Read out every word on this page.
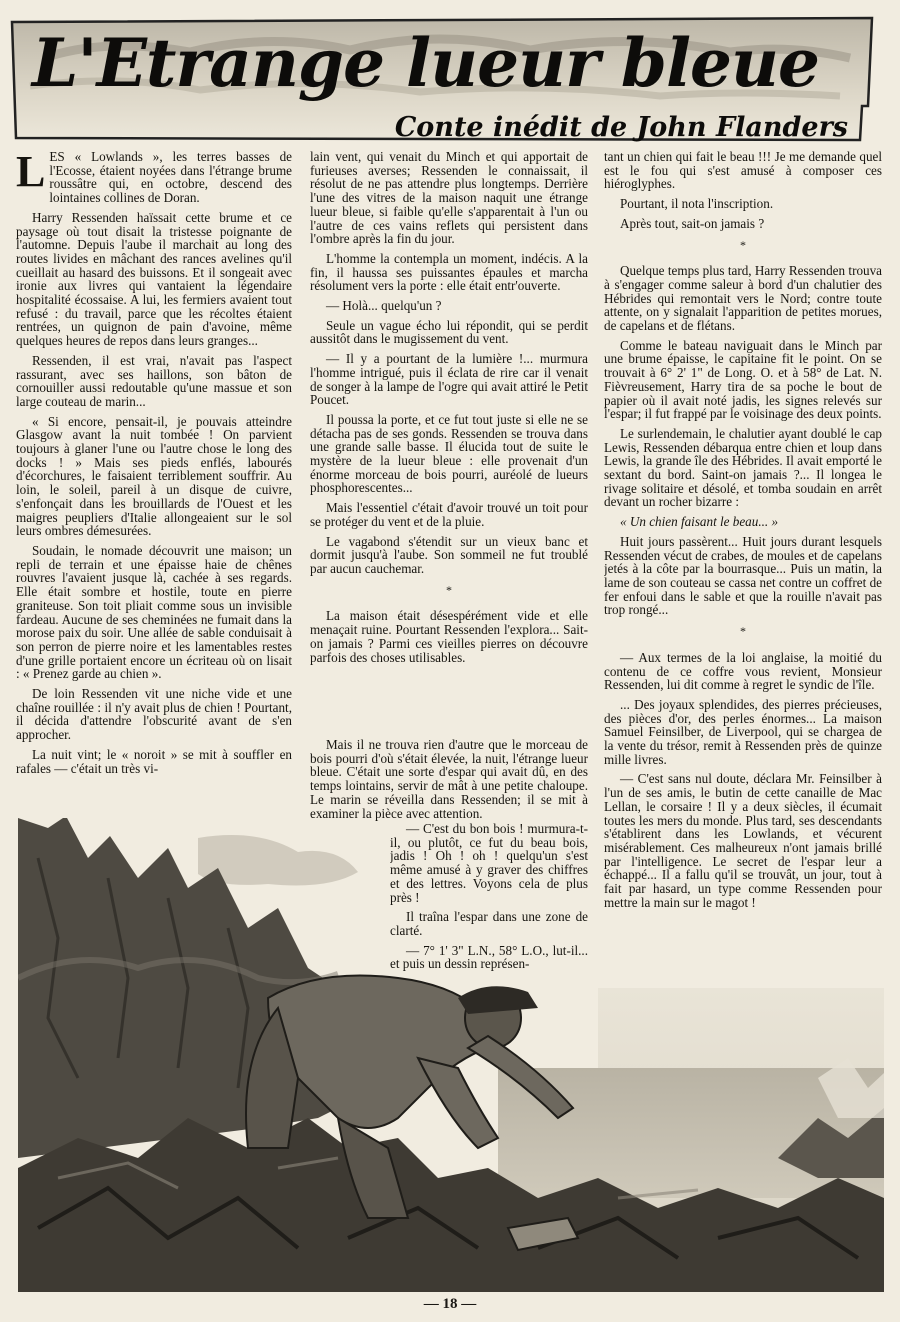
L'Etrange lueur bleue
Conte inédit de John Flanders

LES « Lowlands », les terres basses de l'Ecosse, étaient noyées dans l'étrange brume roussâtre qui, en octobre, descend des lointaines collines de Doran.

Harry Ressenden haïssait cette brume et ce paysage où tout disait la tristesse poignante de l'automne. Depuis l'aube il marchait au long des routes livides en mâchant des rances avelines qu'il cueillait au hasard des buissons. Et il songeait avec ironie aux livres qui vantaient la légendaire hospitalité écossaise. A lui, les fermiers avaient tout refusé : du travail, parce que les récoltes étaient rentrées, un quignon de pain d'avoine, même quelques heures de repos dans leurs granges...

Ressenden, il est vrai, n'avait pas l'aspect rassurant, avec ses haillons, son bâton de cornouiller aussi redoutable qu'une massue et son large couteau de marin...

« Si encore, pensait-il, je pouvais atteindre Glasgow avant la nuit tombée ! On parvient toujours à glaner l'une ou l'autre chose le long des docks ! » Mais ses pieds enflés, labourés d'écorchures, le faisaient terriblement souffrir. Au loin, le soleil, pareil à un disque de cuivre, s'enfonçait dans les brouillards de l'Ouest et les maigres peupliers d'Italie allongeaient sur le sol leurs ombres démesurées.

Soudain, le nomade découvrit une maison; un repli de terrain et une épaisse haie de chênes rouvres l'avaient jusque là, cachée à ses regards. Elle était sombre et hostile, toute en pierre graniteuse. Son toit pliait comme sous un invisible fardeau. Aucune de ses cheminées ne fumait dans la morose paix du soir. Une allée de sable conduisait à son perron de pierre noire et les lamentables restes d'une grille portaient encore un écriteau où on lisait : « Prenez garde au chien ».

De loin Ressenden vit une niche vide et une chaîne rouillée : il n'y avait plus de chien ! Pourtant, il décida d'attendre l'obscurité avant de s'en approcher.

La nuit vint; le « noroit » se mit à souffler en rafales — c'était un très vi-

lain vent, qui venait du Minch et qui apportait de furieuses averses; Ressenden le connaissait, il résolut de ne pas attendre plus longtemps. Derrière l'une des vitres de la maison naquit une étrange lueur bleue, si faible qu'elle s'apparentait à l'un ou l'autre de ces vains reflets qui persistent dans l'ombre après la fin du jour.

L'homme la contempla un moment, indécis. A la fin, il haussa ses puissantes épaules et marcha résolument vers la porte : elle était entr'ouverte.

— Holà... quelqu'un ?

Seule un vague écho lui répondit, qui se perdit aussitôt dans le mugissement du vent.

— Il y a pourtant de la lumière !... murmura l'homme intrigué, puis il éclata de rire car il venait de songer à la lampe de l'ogre qui avait attiré le Petit Poucet.

Il poussa la porte, et ce fut tout juste si elle ne se détacha pas de ses gonds. Ressenden se trouva dans une grande salle basse. Il élucida tout de suite le mystère de la lueur bleue : elle provenait d'un énorme morceau de bois pourri, auréolé de lueurs phosphorescentes...

Mais l'essentiel c'était d'avoir trouvé un toit pour se protéger du vent et de la pluie.

Le vagabond s'étendit sur un vieux banc et dormit jusqu'à l'aube. Son sommeil ne fut troublé par aucun cauchemar.

*

La maison était désespérément vide et elle menaçait ruine. Pourtant Ressenden l'explora... Sait-on jamais ? Parmi ces vieilles pierres on découvre parfois des choses utilisables.

Mais il ne trouva rien d'autre que le morceau de bois pourri d'où s'était élevée, la nuit, l'étrange lueur bleue. C'était une sorte d'espar qui avait dû, en des temps lointains, servir de mât à une petite chaloupe. Le marin se réveilla dans Ressenden; il se mit à examiner la pièce avec attention.

— C'est du bon bois ! murmura-t-il, ou plutôt, ce fut du beau bois, jadis ! Oh ! oh ! quelqu'un s'est même amusé à y graver des chiffres et des lettres. Voyons cela de plus près !

Il traîna l'espar dans une zone de clarté.

— 7° 1' 3" L.N., 58° L.O., lut-il... et puis un dessin représen-

tant un chien qui fait le beau !!! Je me demande quel est le fou qui s'est amusé à composer ces hiéroglyphes.

Pourtant, il nota l'inscription.

Après tout, sait-on jamais ?

*

Quelque temps plus tard, Harry Ressenden trouva à s'engager comme saleur à bord d'un chalutier des Hébrides qui remontait vers le Nord; contre toute attente, on y signalait l'apparition de petites morues, de capelans et de flétans.

Comme le bateau naviguait dans le Minch par une brume épaisse, le capitaine fit le point. On se trouvait à 6° 2' 1" de Long. O. et à 58° de Lat. N. Fièvreusement, Harry tira de sa poche le bout de papier où il avait noté jadis, les signes relevés sur l'espar; il fut frappé par le voisinage des deux points.

Le surlendemain, le chalutier ayant doublé le cap Lewis, Ressenden débarqua entre chien et loup dans Lewis, la grande île des Hébrides. Il avait emporté le sextant du bord. Saint-on jamais ?... Il longea le rivage solitaire et désolé, et tomba soudain en arrêt devant un rocher bizarre :

« Un chien faisant le beau... »

Huit jours passèrent... Huit jours durant lesquels Ressenden vécut de crabes, de moules et de capelans jetés à la côte par la bourrasque... Puis un matin, la lame de son couteau se cassa net contre un coffret de fer enfoui dans le sable et que la rouille n'avait pas trop rongé...

*

— Aux termes de la loi anglaise, la moitié du contenu de ce coffre vous revient, Monsieur Ressenden, lui dit comme à regret le syndic de l'île.

... Des joyaux splendides, des pierres précieuses, des pièces d'or, des perles énormes... La maison Samuel Feinsilber, de Liverpool, qui se chargea de la vente du trésor, remit à Ressenden près de quinze mille livres.

— C'est sans nul doute, déclara Mr. Feinsilber à l'un de ses amis, le butin de cette canaille de Mac Lellan, le corsaire ! Il y a deux siècles, il écumait toutes les mers du monde. Plus tard, ses descendants s'établirent dans les Lowlands, et vécurent misérablement. Ces malheureux n'ont jamais brillé par l'intelligence. Le secret de l'espar leur a échappé... Il a fallu qu'il se trouvât, un jour, tout à fait par hasard, un type comme Ressenden pour mettre la main sur le magot !

— 18 —
